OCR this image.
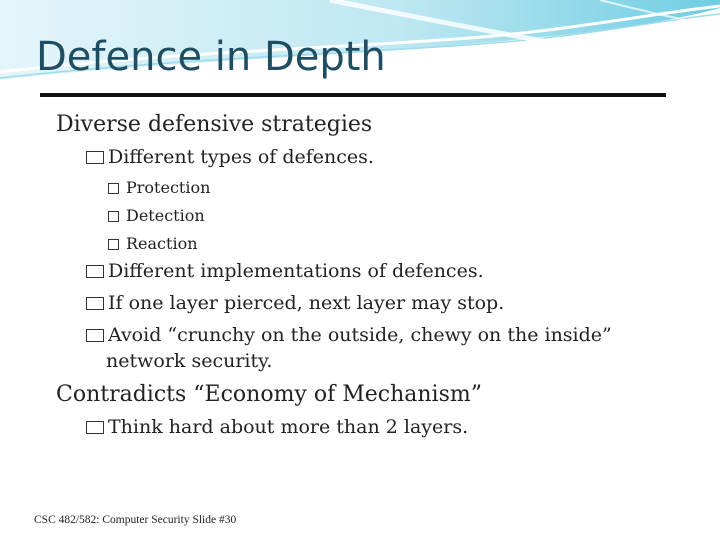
Defence in Depth
Diverse defensive strategies
Different types of defences.
Protection
Detection
Reaction
Different implementations of defences.
If one layer pierced, next layer may stop.
Avoid “crunchy on the outside, chewy on the inside”
network security.
Contradicts “Economy of Mechanism”
Think hard about more than 2 layers.
CSC 482/582: Computer Security Slide #30
